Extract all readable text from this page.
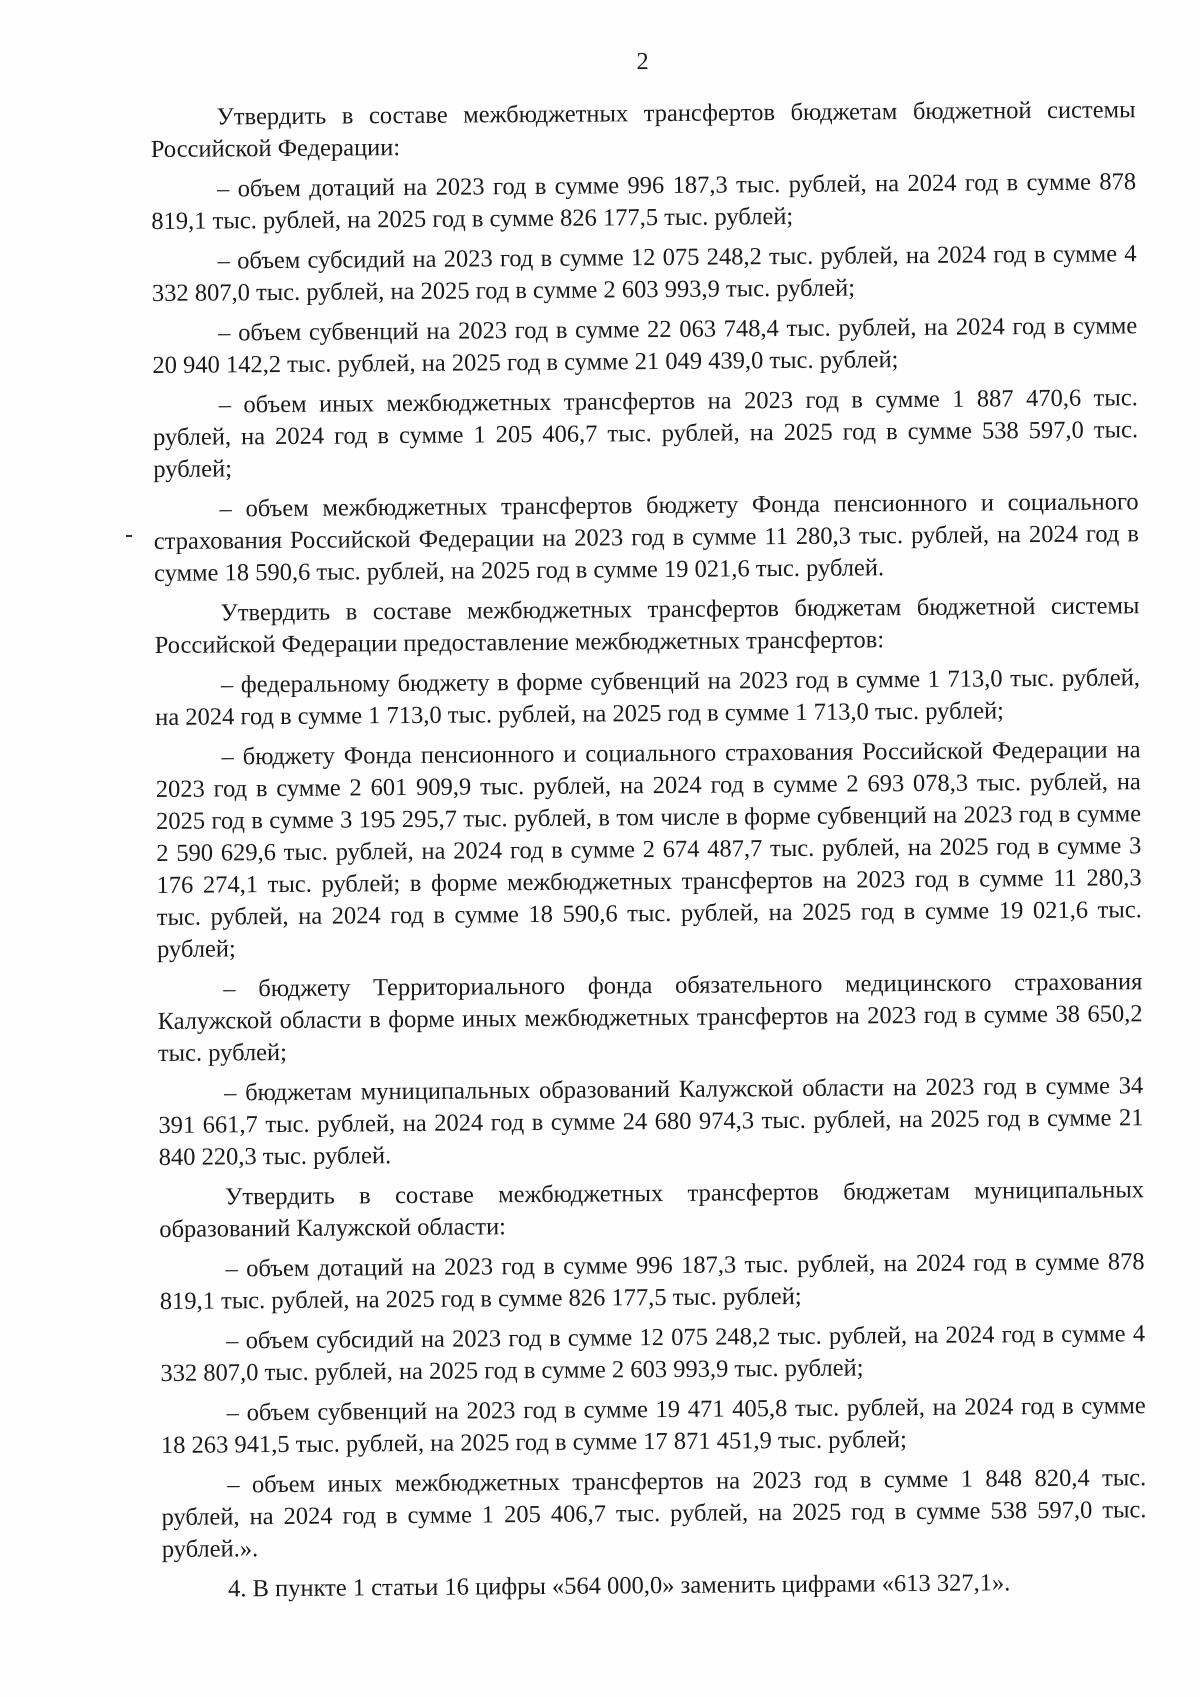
2

Утвердить в составе межбюджетных трансфертов бюджетам бюджетной системы Российской Федерации:

– объем дотаций на 2023 год в сумме 996 187,3 тыс. рублей, на 2024 год в сумме 878 819,1 тыс. рублей, на 2025 год в сумме 826 177,5 тыс. рублей;

– объем субсидий на 2023 год в сумме 12 075 248,2 тыс. рублей, на 2024 год в сумме 4 332 807,0 тыс. рублей, на 2025 год в сумме 2 603 993,9 тыс. рублей;

– объем субвенций на 2023 год в сумме 22 063 748,4 тыс. рублей, на 2024 год в сумме 20 940 142,2 тыс. рублей, на 2025 год в сумме 21 049 439,0 тыс. рублей;

– объем иных межбюджетных трансфертов на 2023 год в сумме 1 887 470,6 тыс. рублей, на 2024 год в сумме 1 205 406,7 тыс. рублей, на 2025 год в сумме 538 597,0 тыс. рублей;

– объем межбюджетных трансфертов бюджету Фонда пенсионного и социального страхования Российской Федерации на 2023 год в сумме 11 280,3 тыс. рублей, на 2024 год в сумме 18 590,6 тыс. рублей, на 2025 год в сумме 19 021,6 тыс. рублей.

Утвердить в составе межбюджетных трансфертов бюджетам бюджетной системы Российской Федерации предоставление межбюджетных трансфертов:

– федеральному бюджету в форме субвенций на 2023 год в сумме 1 713,0 тыс. рублей, на 2024 год в сумме 1 713,0 тыс. рублей, на 2025 год в сумме 1 713,0 тыс. рублей;

– бюджету Фонда пенсионного и социального страхования Российской Федерации на 2023 год в сумме 2 601 909,9 тыс. рублей, на 2024 год в сумме 2 693 078,3 тыс. рублей, на 2025 год в сумме 3 195 295,7 тыс. рублей, в том числе в форме субвенций на 2023 год в сумме 2 590 629,6 тыс. рублей, на 2024 год в сумме 2 674 487,7 тыс. рублей, на 2025 год в сумме 3 176 274,1 тыс. рублей; в форме межбюджетных трансфертов на 2023 год в сумме 11 280,3 тыс. рублей, на 2024 год в сумме 18 590,6 тыс. рублей, на 2025 год в сумме 19 021,6 тыс. рублей;

– бюджету Территориального фонда обязательного медицинского страхования Калужской области в форме иных межбюджетных трансфертов на 2023 год в сумме 38 650,2 тыс. рублей;

– бюджетам муниципальных образований Калужской области на 2023 год в сумме 34 391 661,7 тыс. рублей, на 2024 год в сумме 24 680 974,3 тыс. рублей, на 2025 год в сумме 21 840 220,3 тыс. рублей.

Утвердить в составе межбюджетных трансфертов бюджетам муниципальных образований Калужской области:

– объем дотаций на 2023 год в сумме 996 187,3 тыс. рублей, на 2024 год в сумме 878 819,1 тыс. рублей, на 2025 год в сумме 826 177,5 тыс. рублей;

– объем субсидий на 2023 год в сумме 12 075 248,2 тыс. рублей, на 2024 год в сумме 4 332 807,0 тыс. рублей, на 2025 год в сумме 2 603 993,9 тыс. рублей;

– объем субвенций на 2023 год в сумме 19 471 405,8 тыс. рублей, на 2024 год в сумме 18 263 941,5 тыс. рублей, на 2025 год в сумме 17 871 451,9 тыс. рублей;

– объем иных межбюджетных трансфертов на 2023 год в сумме 1 848 820,4 тыс. рублей, на 2024 год в сумме 1 205 406,7 тыс. рублей, на 2025 год в сумме 538 597,0 тыс. рублей.».

4. В пункте 1 статьи 16 цифры «564 000,0» заменить цифрами «613 327,1».
